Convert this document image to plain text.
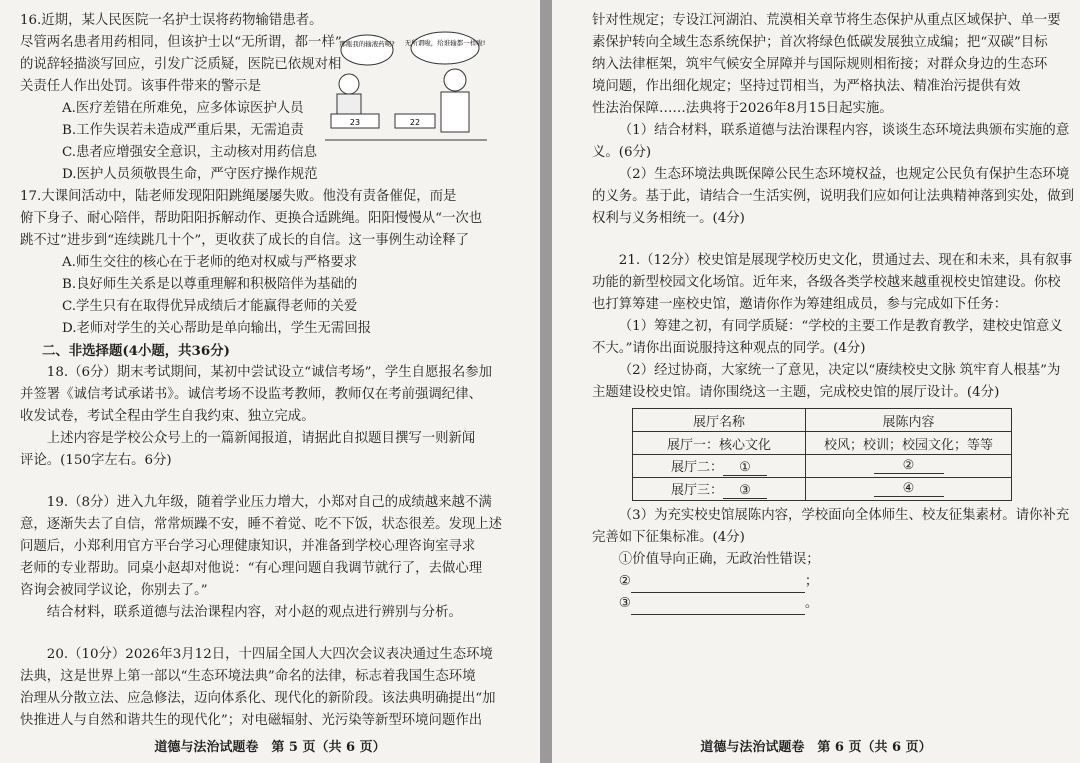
16.近期，某人民医院一名护士误将药物输错患者。

尽管两名患者用药相同，但该护士以“无所谓，都一样”

的说辞轻描淡写回应，引发广泛质疑，医院已依规对相

关责任人作出处罚。该事件带来的警示是

A.医疗差错在所难免，应多体谅医护人员

B.工作失误若未造成严重后果，无需追责

C.患者应增强安全意识，主动核对用药信息

D.医护人员须敬畏生命，严守医疗操作规范

那瓶我的输液药呢? 无所谓啦，给谁输都一样啦!
23	22

17.大课间活动中，陆老师发现阳阳跳绳屡屡失败。他没有责备催促，而是

俯下身子、耐心陪伴，帮助阳阳拆解动作、更换合适跳绳。阳阳慢慢从“一次也

跳不过”进步到“连续跳几十个”，更收获了成长的自信。这一事例生动诠释了

A.师生交往的核心在于老师的绝对权威与严格要求

B.良好师生关系是以尊重理解和积极陪伴为基础的

C.学生只有在取得优异成绩后才能赢得老师的关爱

D.老师对学生的关心帮助是单向输出，学生无需回报

二、非选择题(4小题，共36分)

18.（6分）期末考试期间，某初中尝试设立“诚信考场”，学生自愿报名参加

并签署《诚信考试承诺书》。诚信考场不设监考教师，教师仅在考前强调纪律、

收发试卷，考试全程由学生自我约束、独立完成。

上述内容是学校公众号上的一篇新闻报道，请据此自拟题目撰写一则新闻

评论。(150字左右。6分)

19.（8分）进入九年级，随着学业压力增大，小郑对自己的成绩越来越不满

意，逐渐失去了自信，常常烦躁不安，睡不着觉、吃不下饭，状态很差。发现上述

问题后，小郑利用官方平台学习心理健康知识，并准备到学校心理咨询室寻求

老师的专业帮助。同桌小赵却对他说：“有心理问题自我调节就行了，去做心理

咨询会被同学议论，你别去了。”

结合材料，联系道德与法治课程内容，对小赵的观点进行辨别与分析。

20.（10分）2026年3月12日，十四届全国人大四次会议表决通过生态环境

法典，这是世界上第一部以“生态环境法典”命名的法律，标志着我国生态环境

治理从分散立法、应急修法，迈向体系化、现代化的新阶段。该法典明确提出“加

快推进人与自然和谐共生的现代化”；对电磁辐射、光污染等新型环境问题作出

道德与法治试题卷　第 5 页（共 6 页）

针对性规定；专设江河湖泊、荒漠相关章节将生态保护从重点区域保护、单一要

素保护转向全域生态系统保护；首次将绿色低碳发展独立成编；把“双碳”目标

纳入法律框架，筑牢气候安全屏障并与国际规则相衔接；对群众身边的生态环

境问题，作出细化规定；坚持过罚相当，为严格执法、精准治污提供有效

性法治保障……法典将于2026年8月15日起实施。

（1）结合材料，联系道德与法治课程内容，谈谈生态环境法典颁布实施的意

义。(6分)

（2）生态环境法典既保障公民生态环境权益，也规定公民负有保护生态环境

的义务。基于此，请结合一生活实例，说明我们应如何让法典精神落到实处，做到

权利与义务相统一。(4分)

21.（12分）校史馆是展现学校历史文化，贯通过去、现在和未来，具有叙事

功能的新型校园文化场馆。近年来，各级各类学校越来越重视校史馆建设。你校

也打算筹建一座校史馆，邀请你作为筹建组成员，参与完成如下任务：

（1）筹建之初，有同学质疑：“学校的主要工作是教育教学，建校史馆意义

不大。”请你出面说服持这种观点的同学。(4分)

（2）经过协商，大家统一了意见，决定以“赓续校史文脉 筑牢育人根基”为

主题建设校史馆。请你围绕这一主题，完成校史馆的展厅设计。(4分)

展厅名称	展陈内容
展厅一：核心文化	校风；校训；校园文化；等等
展厅二： ①	②
展厅三： ③	④

（3）为充实校史馆展陈内容，学校面向全体师生、校友征集素材。请你补充

完善如下征集标准。(4分)

①价值导向正确，无政治性错误；

②	；

③	。

道德与法治试题卷　第 6 页（共 6 页）
